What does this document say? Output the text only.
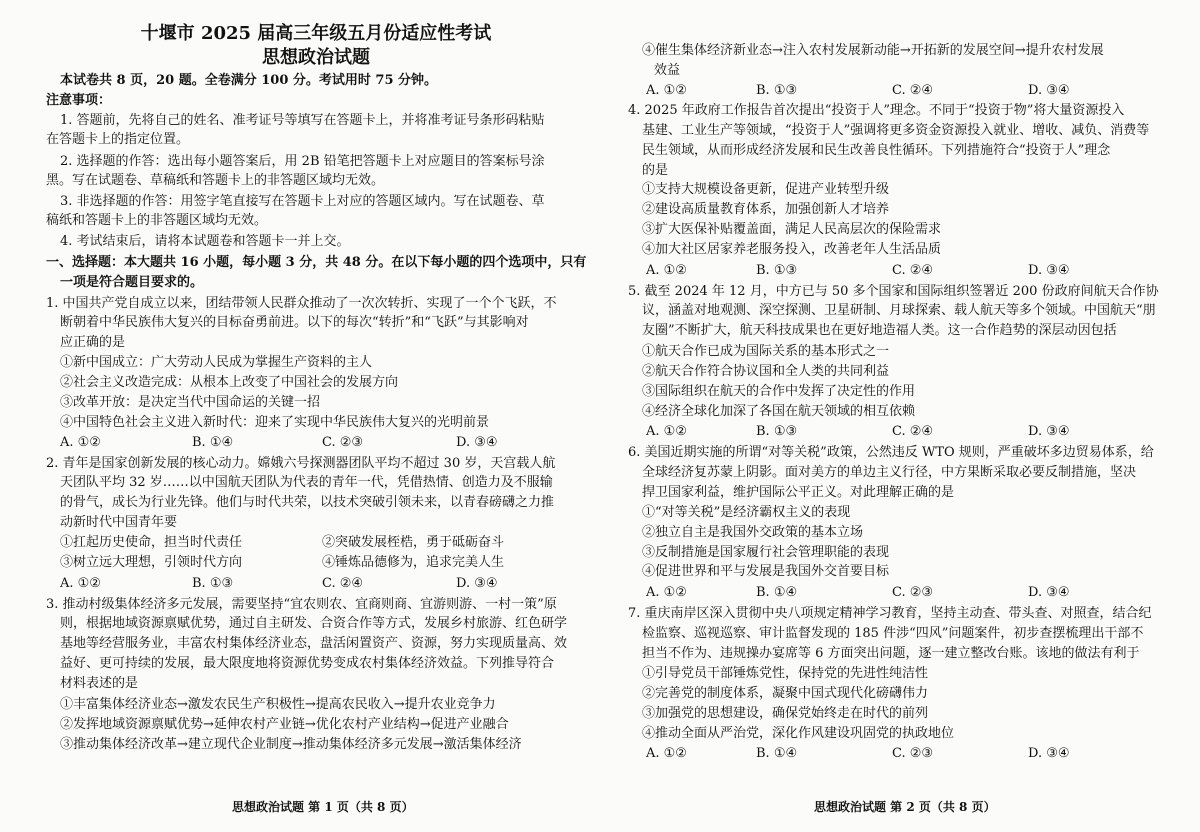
十堰市 2025 届高三年级五月份适应性考试
思想政治试题
本试卷共 8 页，20 题。全卷满分 100 分。考试用时 75 分钟。
注意事项：
1. 答题前，先将自己的姓名、准考证号等填写在答题卡上，并将准考证号条形码粘贴
在答题卡上的指定位置。
2. 选择题的作答：选出每小题答案后，用 2B 铅笔把答题卡上对应题目的答案标号涂
黑。写在试题卷、草稿纸和答题卡上的非答题区域均无效。
3. 非选择题的作答：用签字笔直接写在答题卡上对应的答题区域内。写在试题卷、草
稿纸和答题卡上的非答题区域均无效。
4. 考试结束后，请将本试题卷和答题卡一并上交。
一、选择题：本大题共 16 小题，每小题 3 分，共 48 分。在以下每小题的四个选项中，只有
一项是符合题目要求的。
1. 中国共产党自成立以来，团结带领人民群众推动了一次次转折、实现了一个个飞跃，不
断朝着中华民族伟大复兴的目标奋勇前进。以下的每次“转折”和“飞跃”与其影响对
应正确的是
①新中国成立：广大劳动人民成为掌握生产资料的主人
②社会主义改造完成：从根本上改变了中国社会的发展方向
③改革开放：是决定当代中国命运的关键一招
④中国特色社会主义进入新时代：迎来了实现中华民族伟大复兴的光明前景
A. ①②	B. ①④	C. ②③	D. ③④
2. 青年是国家创新发展的核心动力。嫦娥六号探测器团队平均不超过 30 岁，天宫载人航
天团队平均 32 岁……以中国航天团队为代表的青年一代，凭借热情、创造力及不服输
的骨气，成长为行业先锋。他们与时代共荣，以技术突破引领未来，以青春磅礴之力推
动新时代中国青年要
①扛起历史使命，担当时代责任	②突破发展桎梏，勇于砥砺奋斗
③树立远大理想，引领时代方向	④锤炼品德修为，追求完美人生
A. ①②	B. ①③	C. ②④	D. ③④
3. 推动村级集体经济多元发展，需要坚持“宜农则农、宜商则商、宜游则游、一村一策”原
则，根据地域资源禀赋优势，通过自主研发、合资合作等方式，发展乡村旅游、红色研学
基地等经营服务业，丰富农村集体经济业态，盘活闲置资产、资源，努力实现质量高、效
益好、更可持续的发展，最大限度地将资源优势变成农村集体经济效益。下列推导符合
材料表述的是
①丰富集体经济业态→激发农民生产积极性→提高农民收入→提升农业竞争力
②发挥地域资源禀赋优势→延伸农村产业链→优化农村产业结构→促进产业融合
③推动集体经济改革→建立现代企业制度→推动集体经济多元发展→激活集体经济
思想政治试题 第 1 页（共 8 页）
④催生集体经济新业态→注入农村发展新动能→开拓新的发展空间→提升农村发展
效益
A. ①②	B. ①③	C. ②④	D. ③④
4. 2025 年政府工作报告首次提出“投资于人”理念。不同于“投资于物”将大量资源投入
基建、工业生产等领域，“投资于人”强调将更多资金资源投入就业、增收、减负、消费等
民生领域，从而形成经济发展和民生改善良性循环。下列措施符合“投资于人”理念
的是
①支持大规模设备更新，促进产业转型升级
②建设高质量教育体系，加强创新人才培养
③扩大医保补贴覆盖面，满足人民高层次的保险需求
④加大社区居家养老服务投入，改善老年人生活品质
A. ①②	B. ①③	C. ②④	D. ③④
5. 截至 2024 年 12 月，中方已与 50 多个国家和国际组织签署近 200 份政府间航天合作协
议，涵盖对地观测、深空探测、卫星研制、月球探索、载人航天等多个领域。中国航天“朋
友圈”不断扩大，航天科技成果也在更好地造福人类。这一合作趋势的深层动因包括
①航天合作已成为国际关系的基本形式之一
②航天合作符合协议国和全人类的共同利益
③国际组织在航天的合作中发挥了决定性的作用
④经济全球化加深了各国在航天领域的相互依赖
A. ①②	B. ①③	C. ②④	D. ③④
6. 美国近期实施的所谓“对等关税”政策，公然违反 WTO 规则，严重破坏多边贸易体系，给
全球经济复苏蒙上阴影。面对美方的单边主义行径，中方果断采取必要反制措施，坚决
捍卫国家利益，维护国际公平正义。对此理解正确的是
①“对等关税”是经济霸权主义的表现
②独立自主是我国外交政策的基本立场
③反制措施是国家履行社会管理职能的表现
④促进世界和平与发展是我国外交首要目标
A. ①②	B. ①④	C. ②③	D. ③④
7. 重庆南岸区深入贯彻中央八项规定精神学习教育，坚持主动查、带头查、对照查，结合纪
检监察、巡视巡察、审计监督发现的 185 件涉“四风”问题案件，初步查摆梳理出干部不
担当不作为、违规操办宴席等 6 方面突出问题，逐一建立整改台账。该地的做法有利于
①引导党员干部锤炼党性，保持党的先进性纯洁性
②完善党的制度体系，凝聚中国式现代化磅礴伟力
③加强党的思想建设，确保党始终走在时代的前列
④推动全面从严治党，深化作风建设巩固党的执政地位
A. ①②	B. ①④	C. ②③	D. ③④
思想政治试题 第 2 页（共 8 页）
